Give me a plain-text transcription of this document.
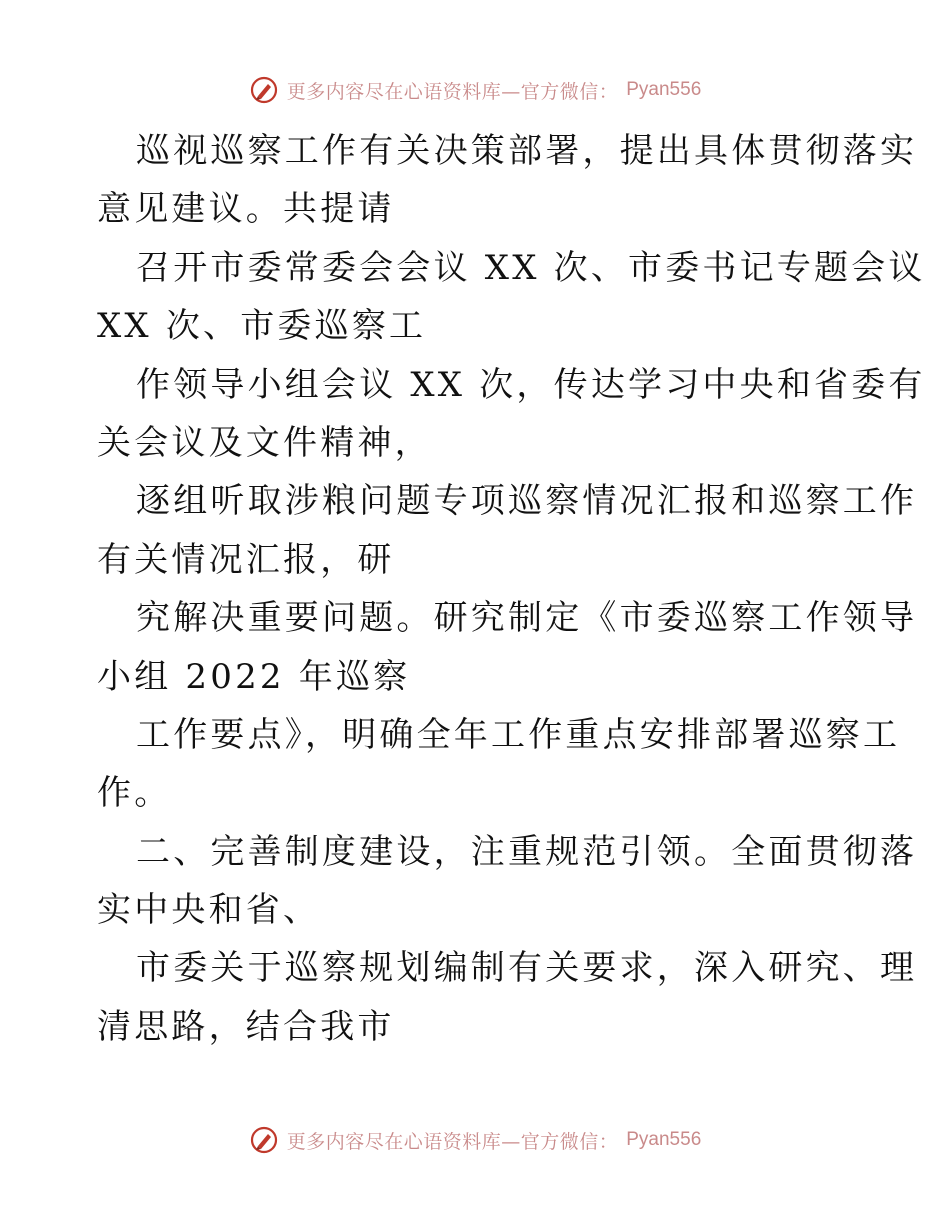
更多内容尽在心语资料库—官方微信： Pyan556
巡视巡察工作有关决策部署，提出具体贯彻落实
意见建议。共提请
召开市委常委会会议 XX 次、市委书记专题会议
XX 次、市委巡察工
作领导小组会议 XX 次，传达学习中央和省委有
关会议及文件精神，
逐组听取涉粮问题专项巡察情况汇报和巡察工作
有关情况汇报，研
究解决重要问题。研究制定《市委巡察工作领导
小组 2022 年巡察
工作要点》，明确全年工作重点安排部署巡察工
作。
二、完善制度建设，注重规范引领。全面贯彻落
实中央和省、
市委关于巡察规划编制有关要求，深入研究、理
清思路，结合我市
更多内容尽在心语资料库—官方微信： Pyan556
